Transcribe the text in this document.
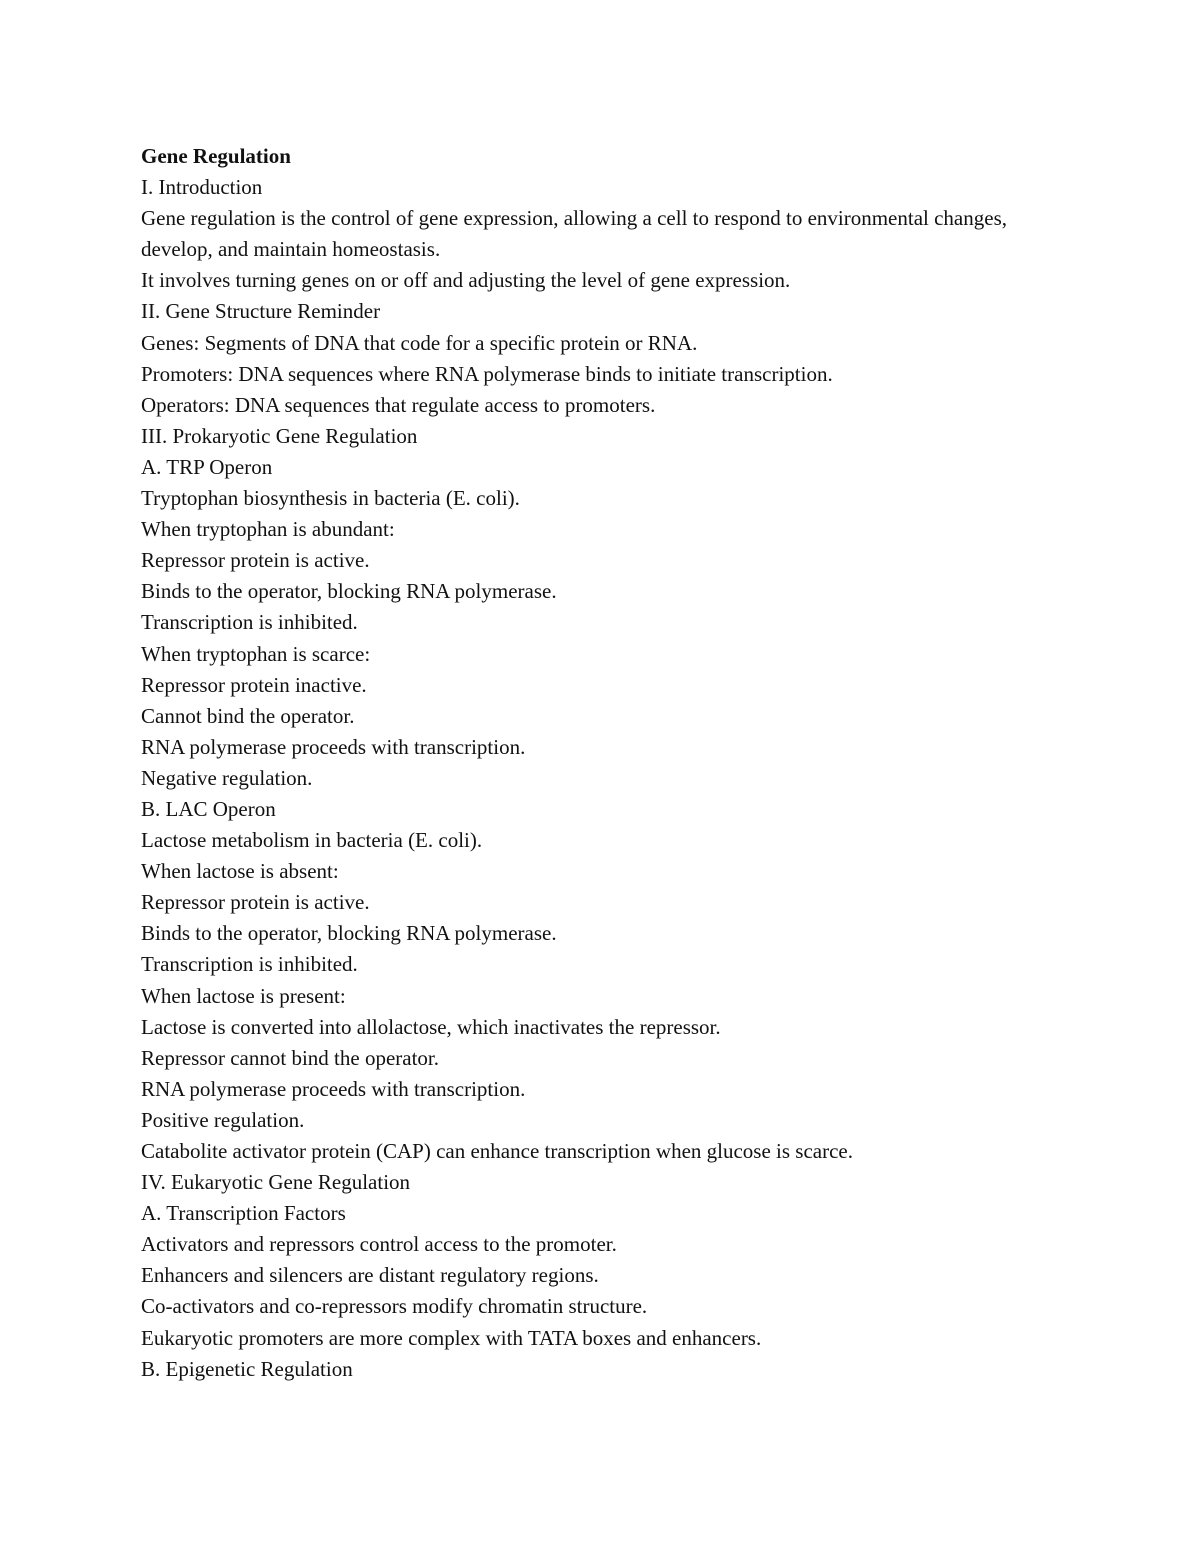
Gene Regulation

I. Introduction

Gene regulation is the control of gene expression, allowing a cell to respond to environmental changes, develop, and maintain homeostasis.

It involves turning genes on or off and adjusting the level of gene expression.

II. Gene Structure Reminder

Genes: Segments of DNA that code for a specific protein or RNA.

Promoters: DNA sequences where RNA polymerase binds to initiate transcription.

Operators: DNA sequences that regulate access to promoters.

III. Prokaryotic Gene Regulation

A. TRP Operon

Tryptophan biosynthesis in bacteria (E. coli).

When tryptophan is abundant:

Repressor protein is active.

Binds to the operator, blocking RNA polymerase.

Transcription is inhibited.

When tryptophan is scarce:

Repressor protein inactive.

Cannot bind the operator.

RNA polymerase proceeds with transcription.

Negative regulation.

B. LAC Operon

Lactose metabolism in bacteria (E. coli).

When lactose is absent:

Repressor protein is active.

Binds to the operator, blocking RNA polymerase.

Transcription is inhibited.

When lactose is present:

Lactose is converted into allolactose, which inactivates the repressor.

Repressor cannot bind the operator.

RNA polymerase proceeds with transcription.

Positive regulation.

Catabolite activator protein (CAP) can enhance transcription when glucose is scarce.

IV. Eukaryotic Gene Regulation

A. Transcription Factors

Activators and repressors control access to the promoter.

Enhancers and silencers are distant regulatory regions.

Co-activators and co-repressors modify chromatin structure.

Eukaryotic promoters are more complex with TATA boxes and enhancers.

B. Epigenetic Regulation
